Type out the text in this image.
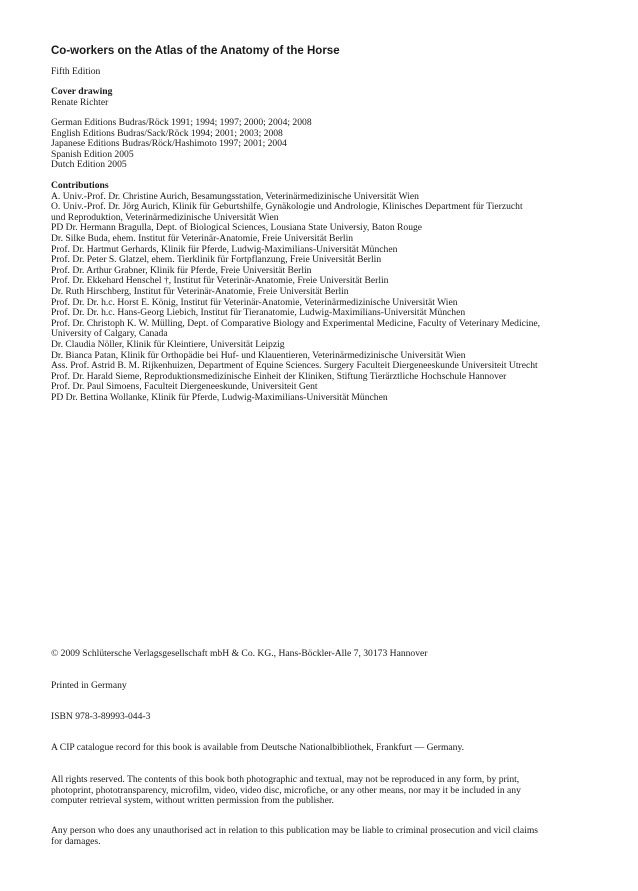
Co-workers on the Atlas of the Anatomy of the Horse

Fifth Edition

Cover drawing

Renate Richter

German Editions Budras/Röck 1991; 1994; 1997; 2000; 2004; 2008

English Editions Budras/Sack/Röck 1994; 2001; 2003; 2008

Japanese Editions Budras/Röck/Hashimoto 1997; 2001; 2004

Spanish Edition 2005

Dutch Edition 2005

Contributions

A. Univ.-Prof. Dr. Christine Aurich, Besamungsstation, Veterinärmedizinische Universität Wien

O. Univ.-Prof. Dr. Jörg Aurich, Klinik für Geburtshilfe, Gynäkologie und Andrologie, Klinisches Department für Tierzucht

und Reproduktion, Veterinärmedizinische Universität Wien

PD Dr. Hermann Bragulla, Dept. of Biological Sciences, Lousiana State Universiy, Baton Rouge

Dr. Silke Buda, ehem. Institut für Veterinär-Anatomie, Freie Universität Berlin

Prof. Dr. Hartmut Gerhards, Klinik für Pferde, Ludwig-Maximilians-Universität München

Prof. Dr. Peter S. Glatzel, ehem. Tierklinik für Fortpflanzung, Freie Universität Berlin

Prof. Dr. Arthur Grabner, Klinik für Pferde, Freie Universität Berlin

Prof. Dr. Ekkehard Henschel †, Institut für Veterinär-Anatomie, Freie Universität Berlin

Dr. Ruth Hirschberg, Institut für Veterinär-Anatomie, Freie Universität Berlin

Prof. Dr. Dr. h.c. Horst E. König, Institut für Veterinär-Anatomie, Veterinärmedizinische Universität Wien

Prof. Dr. Dr. h.c. Hans-Georg Liebich, Institut für Tieranatomie, Ludwig-Maximilians-Universität München

Prof. Dr. Christoph K. W. Mülling, Dept. of Comparative Biology and Experimental Medicine, Faculty of Veterinary Medicine,

University of Calgary, Canada

Dr. Claudia Nöller, Klinik für Kleintiere, Universität Leipzig

Dr. Bianca Patan, Klinik für Orthopädie bei Huf- und Klauentieren, Veterinärmedizinische Universität Wien

Ass. Prof. Astrid B. M. Rijkenhuizen, Department of Equine Sciences. Surgery Faculteit Diergeneeskunde Universiteit Utrecht

Prof. Dr. Harald Sieme, Reproduktionsmedizinische Einheit der Kliniken, Stiftung Tierärztliche Hochschule Hannover

Prof. Dr. Paul Simoens, Faculteit Diergeneeskunde, Universiteit Gent

PD Dr. Bettina Wollanke, Klinik für Pferde, Ludwig-Maximilians-Universität München

© 2009 Schlütersche Verlagsgesellschaft mbH & Co. KG., Hans-Böckler-Alle 7, 30173 Hannover

Printed in Germany

ISBN 978-3-89993-044-3

A CIP catalogue record for this book is available from Deutsche Nationalbibliothek, Frankfurt — Germany.

All rights reserved. The contents of this book both photographic and textual, may not be reproduced in any form, by print,

photoprint, phototransparency, microfilm, video, video disc, microfiche, or any other means, nor may it be included in any

computer retrieval system, without written permission from the publisher.

Any person who does any unauthorised act in relation to this publication may be liable to criminal prosecution and vicil claims

for damages.
